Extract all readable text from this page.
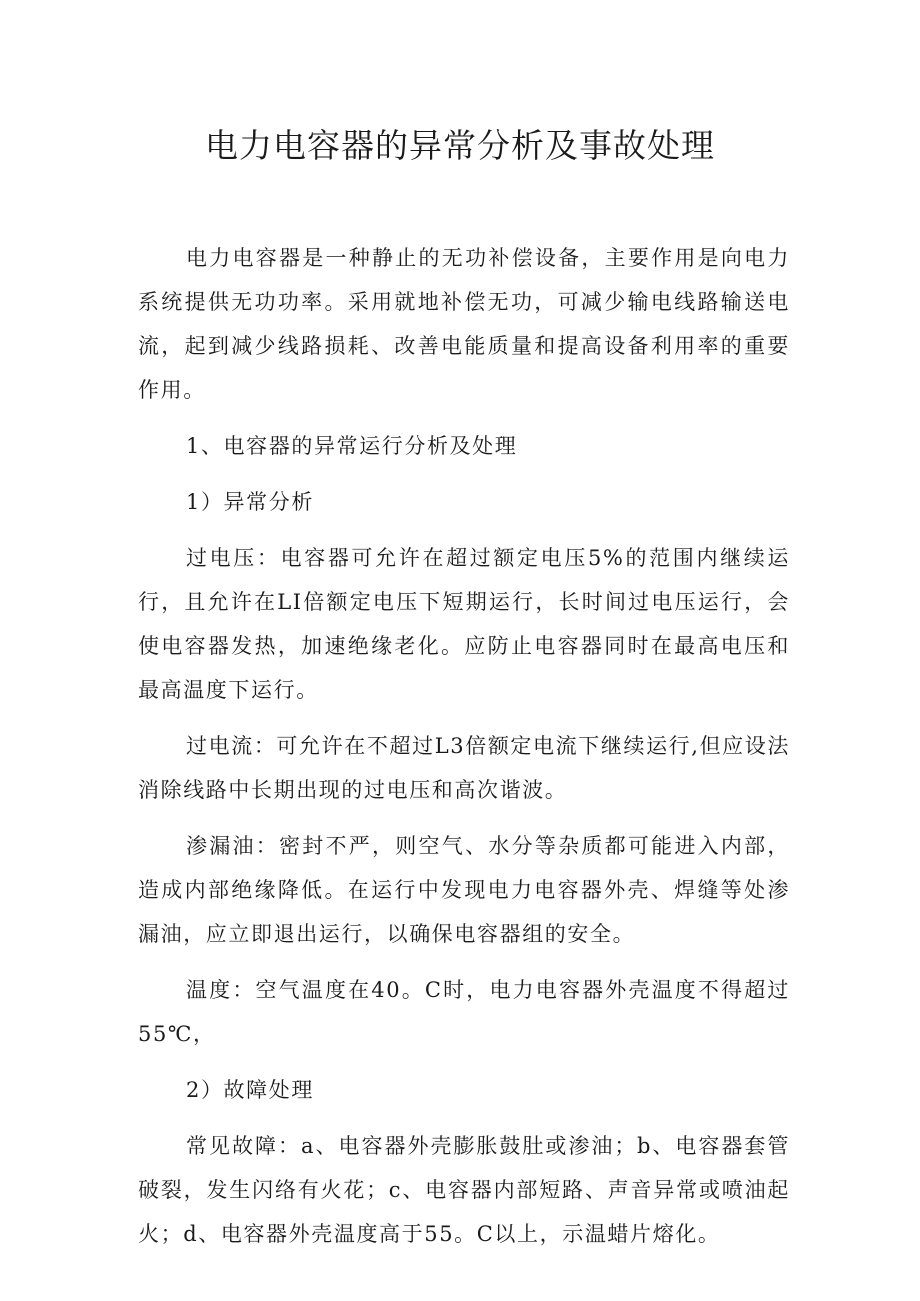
电力电容器的异常分析及事故处理

电力电容器是一种静止的无功补偿设备，主要作用是向电力系统提供无功功率。采用就地补偿无功，可减少输电线路输送电流，起到减少线路损耗、改善电能质量和提高设备利用率的重要作用。

1、电容器的异常运行分析及处理

1）异常分析

过电压：电容器可允许在超过额定电压5%的范围内继续运行，且允许在LI倍额定电压下短期运行，长时间过电压运行，会使电容器发热，加速绝缘老化。应防止电容器同时在最高电压和最高温度下运行。

过电流：可允许在不超过L3倍额定电流下继续运行,但应设法消除线路中长期出现的过电压和高次谐波。

渗漏油：密封不严，则空气、水分等杂质都可能进入内部，造成内部绝缘降低。在运行中发现电力电容器外壳、焊缝等处渗漏油，应立即退出运行，以确保电容器组的安全。

温度：空气温度在40。C时，电力电容器外壳温度不得超过55℃，

2）故障处理

常见故障：a、电容器外壳膨胀鼓肚或渗油；b、电容器套管破裂，发生闪络有火花；c、电容器内部短路、声音异常或喷油起火；d、电容器外壳温度高于55。C以上，示温蜡片熔化。
